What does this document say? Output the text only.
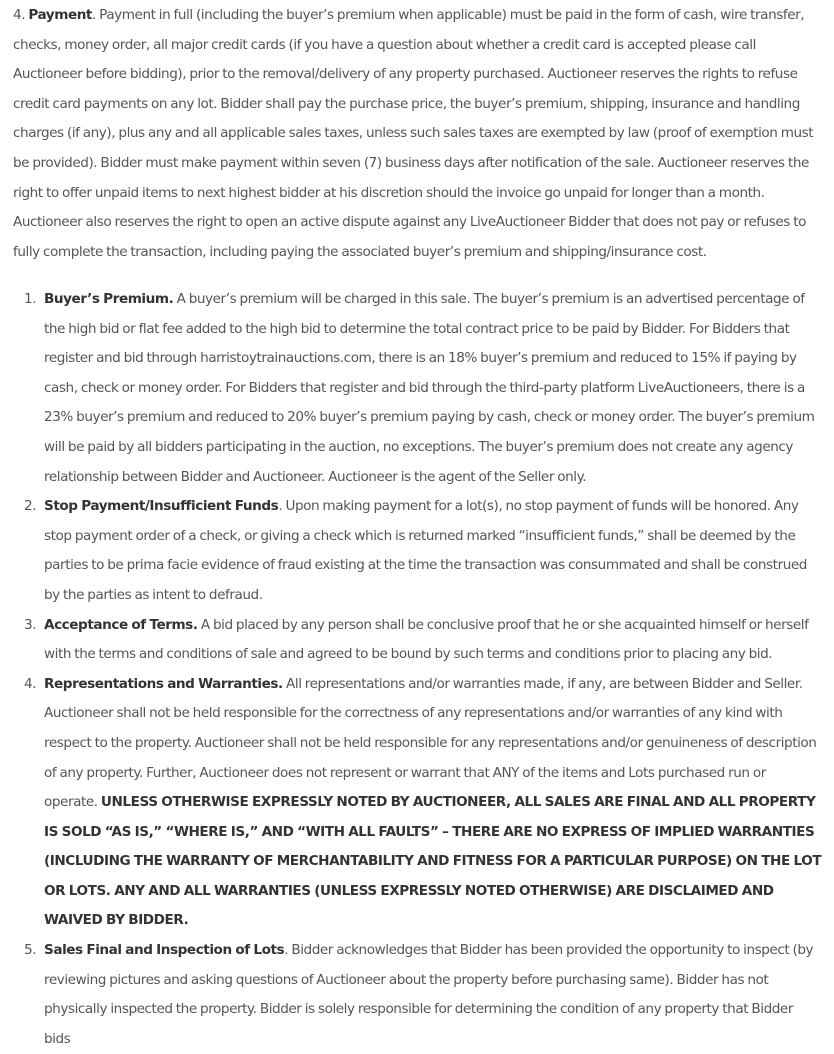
4. Payment. Payment in full (including the buyer’s premium when applicable) must be paid in the form of cash, wire transfer, checks, money order, all major credit cards (if you have a question about whether a credit card is accepted please call Auctioneer before bidding), prior to the removal/delivery of any property purchased. Auctioneer reserves the rights to refuse credit card payments on any lot. Bidder shall pay the purchase price, the buyer’s premium, shipping, insurance and handling charges (if any), plus any and all applicable sales taxes, unless such sales taxes are exempted by law (proof of exemption must be provided). Bidder must make payment within seven (7) business days after notification of the sale. Auctioneer reserves the right to offer unpaid items to next highest bidder at his discretion should the invoice go unpaid for longer than a month. Auctioneer also reserves the right to open an active dispute against any LiveAuctioneer Bidder that does not pay or refuses to fully complete the transaction, including paying the associated buyer’s premium and shipping/insurance cost.

1. Buyer’s Premium. A buyer’s premium will be charged in this sale. The buyer’s premium is an advertised percentage of the high bid or flat fee added to the high bid to determine the total contract price to be paid by Bidder. For Bidders that register and bid through harristoytrainauctions.com, there is an 18% buyer’s premium and reduced to 15% if paying by cash, check or money order. For Bidders that register and bid through the third-party platform LiveAuctioneers, there is a 23% buyer’s premium and reduced to 20% buyer’s premium paying by cash, check or money order. The buyer’s premium will be paid by all bidders participating in the auction, no exceptions. The buyer’s premium does not create any agency relationship between Bidder and Auctioneer. Auctioneer is the agent of the Seller only.
2. Stop Payment/Insufficient Funds. Upon making payment for a lot(s), no stop payment of funds will be honored. Any stop payment order of a check, or giving a check which is returned marked “insufficient funds,” shall be deemed by the parties to be prima facie evidence of fraud existing at the time the transaction was consummated and shall be construed by the parties as intent to defraud.
3. Acceptance of Terms. A bid placed by any person shall be conclusive proof that he or she acquainted himself or herself with the terms and conditions of sale and agreed to be bound by such terms and conditions prior to placing any bid.
4. Representations and Warranties. All representations and/or warranties made, if any, are between Bidder and Seller. Auctioneer shall not be held responsible for the correctness of any representations and/or warranties of any kind with respect to the property. Auctioneer shall not be held responsible for any representations and/or genuineness of description of any property. Further, Auctioneer does not represent or warrant that ANY of the items and Lots purchased run or operate. UNLESS OTHERWISE EXPRESSLY NOTED BY AUCTIONEER, ALL SALES ARE FINAL AND ALL PROPERTY IS SOLD “AS IS,” “WHERE IS,” AND “WITH ALL FAULTS” – THERE ARE NO EXPRESS OF IMPLIED WARRANTIES (INCLUDING THE WARRANTY OF MERCHANTABILITY AND FITNESS FOR A PARTICULAR PURPOSE) ON THE LOT OR LOTS. ANY AND ALL WARRANTIES (UNLESS EXPRESSLY NOTED OTHERWISE) ARE DISCLAIMED AND WAIVED BY BIDDER.
5. Sales Final and Inspection of Lots. Bidder acknowledges that Bidder has been provided the opportunity to inspect (by reviewing pictures and asking questions of Auctioneer about the property before purchasing same). Bidder has not physically inspected the property. Bidder is solely responsible for determining the condition of any property that Bidder bids
